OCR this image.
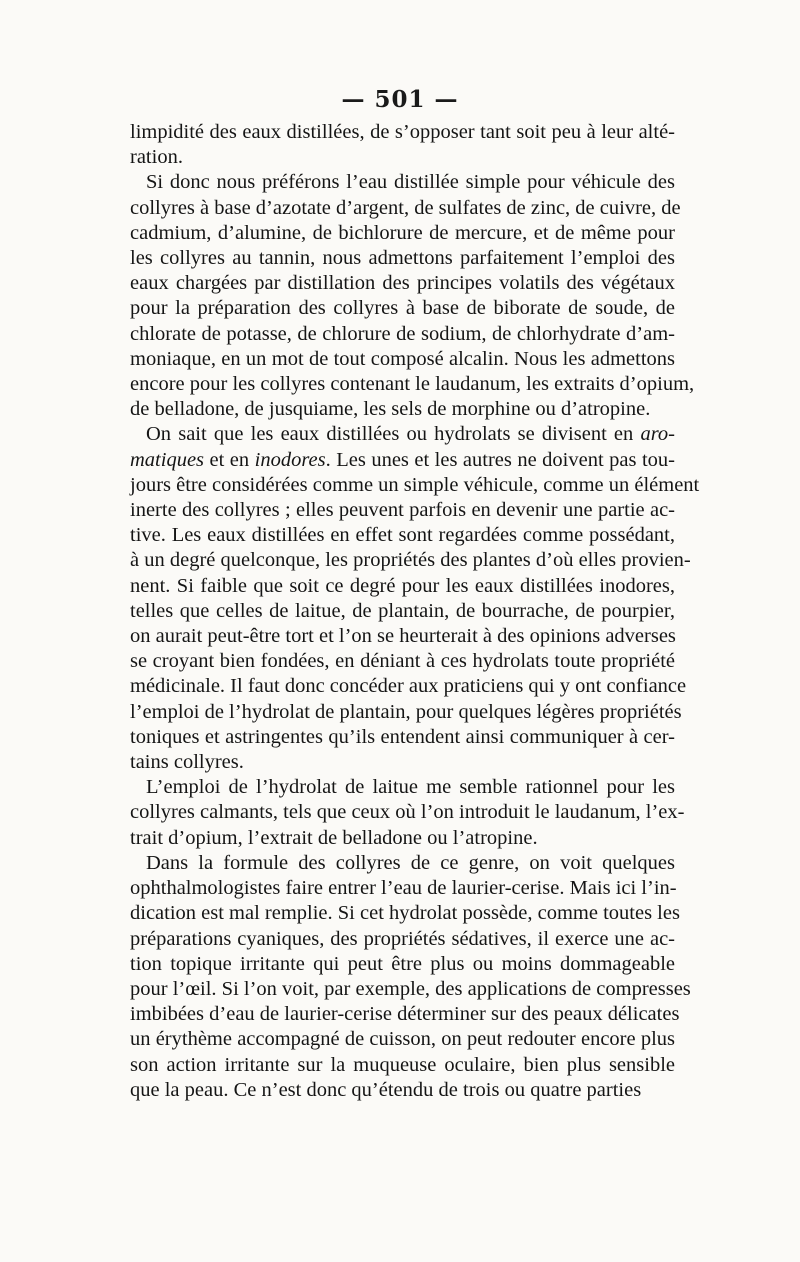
— 501 —

limpidité des eaux distillées, de s’opposer tant soit peu à leur alté-
ration.

Si donc nous préférons l’eau distillée simple pour véhicule des
collyres à base d’azotate d’argent, de sulfates de zinc, de cuivre, de
cadmium, d’alumine, de bichlorure de mercure, et de même pour
les collyres au tannin, nous admettons parfaitement l’emploi des
eaux chargées par distillation des principes volatils des végétaux
pour la préparation des collyres à base de biborate de soude, de
chlorate de potasse, de chlorure de sodium, de chlorhydrate d’am-
moniaque, en un mot de tout composé alcalin. Nous les admettons
encore pour les collyres contenant le laudanum, les extraits d’opium,
de belladone, de jusquiame, les sels de morphine ou d’atropine.

On sait que les eaux distillées ou hydrolats se divisent en aro-
matiques et en inodores. Les unes et les autres ne doivent pas tou-
jours être considérées comme un simple véhicule, comme un élément
inerte des collyres ; elles peuvent parfois en devenir une partie ac-
tive. Les eaux distillées en effet sont regardées comme possédant,
à un degré quelconque, les propriétés des plantes d’où elles provien-
nent. Si faible que soit ce degré pour les eaux distillées inodores,
telles que celles de laitue, de plantain, de bourrache, de pourpier,
on aurait peut-être tort et l’on se heurterait à des opinions adverses
se croyant bien fondées, en déniant à ces hydrolats toute propriété
médicinale. Il faut donc concéder aux praticiens qui y ont confiance
l’emploi de l’hydrolat de plantain, pour quelques légères propriétés
toniques et astringentes qu’ils entendent ainsi communiquer à cer-
tains collyres.

L’emploi de l’hydrolat de laitue me semble rationnel pour les
collyres calmants, tels que ceux où l’on introduit le laudanum, l’ex-
trait d’opium, l’extrait de belladone ou l’atropine.

Dans la formule des collyres de ce genre, on voit quelques
ophthalmologistes faire entrer l’eau de laurier-cerise. Mais ici l’in-
dication est mal remplie. Si cet hydrolat possède, comme toutes les
préparations cyaniques, des propriétés sédatives, il exerce une ac-
tion topique irritante qui peut être plus ou moins dommageable
pour l’œil. Si l’on voit, par exemple, des applications de compresses
imbibées d’eau de laurier-cerise déterminer sur des peaux délicates
un érythème accompagné de cuisson, on peut redouter encore plus
son action irritante sur la muqueuse oculaire, bien plus sensible
que la peau. Ce n’est donc qu’étendu de trois ou quatre parties
